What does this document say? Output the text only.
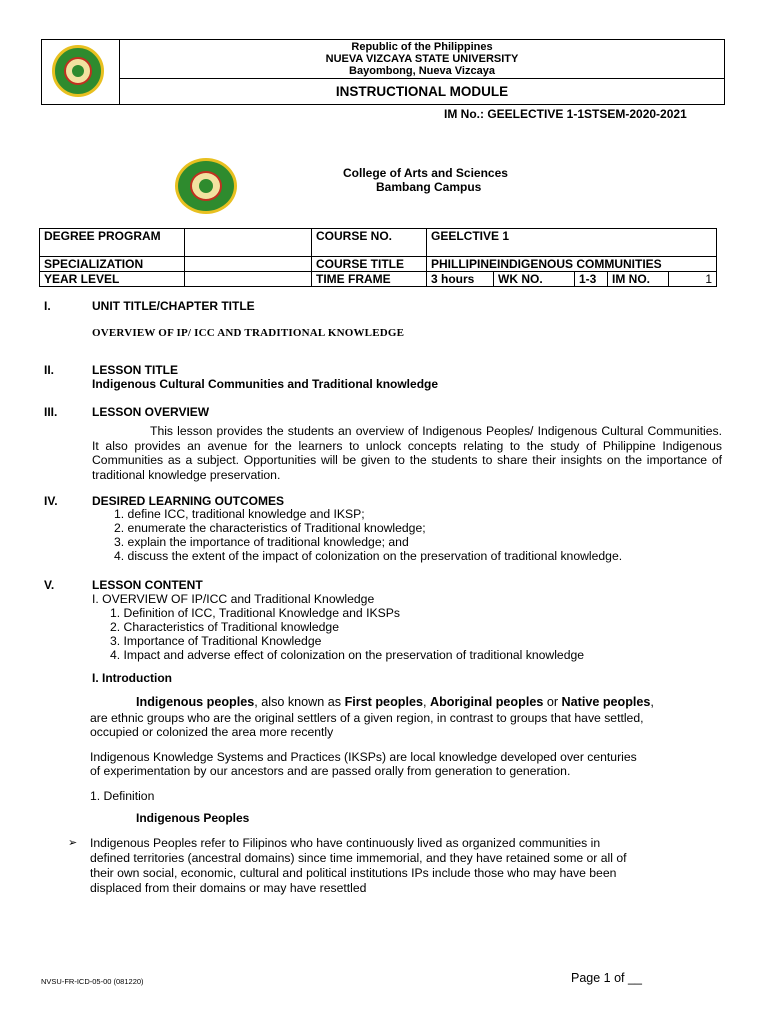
Republic of the Philippines
NUEVA VIZCAYA STATE UNIVERSITY
Bayombong, Nueva Vizcaya
INSTRUCTIONAL MODULE
IM No.: GEELECTIVE 1-1STSEM-2020-2021
College of Arts and Sciences
Bambang Campus
DEGREE PROGRAM		COURSE NO.	GEELCTIVE 1				
SPECIALIZATION		COURSE TITLE	PHILLIPINEINDIGENOUS COMMUNITIES				
YEAR LEVEL		TIME FRAME	3 hours	WK NO.	1-3	IM NO.	1
I.	UNIT TITLE/CHAPTER TITLE
OVERVIEW OF IP/ ICC AND TRADITIONAL KNOWLEDGE
II.	LESSON TITLE
Indigenous Cultural Communities and Traditional knowledge
III.	LESSON OVERVIEW
This lesson provides the students an overview of Indigenous Peoples/ Indigenous Cultural Communities. It also provides an avenue for the learners to unlock concepts relating to the study of Philippine Indigenous Communities as a subject. Opportunities will be given to the students to share their insights on the importance of traditional knowledge preservation.
IV.	DESIRED LEARNING OUTCOMES
1. define ICC, traditional knowledge and IKSP;
2. enumerate the characteristics of Traditional knowledge;
3. explain the importance of traditional knowledge; and
4. discuss the extent of the impact of colonization on the preservation of traditional knowledge.
V.	LESSON CONTENT
I. OVERVIEW OF IP/ICC and Traditional Knowledge
1. Definition of ICC, Traditional Knowledge and IKSPs
2. Characteristics of Traditional knowledge
3. Importance of Traditional Knowledge
4. Impact and adverse effect of colonization on the preservation of traditional knowledge
I. Introduction
Indigenous peoples, also known as First peoples, Aboriginal peoples or Native peoples,
are ethnic groups who are the original settlers of a given region, in contrast to groups that have settled,
occupied or colonized the area more recently
Indigenous Knowledge Systems and Practices (IKSPs) are local knowledge developed over centuries
of experimentation by our ancestors and are passed orally from generation to generation.
1. Definition
Indigenous Peoples
➢ Indigenous Peoples refer to Filipinos who have continuously lived as organized communities in
defined territories (ancestral domains) since time immemorial, and they have retained some or all of
their own social, economic, cultural and political institutions IPs include those who may have been
displaced from their domains or may have resettled
NVSU-FR-ICD-05-00 (081220)	Page 1 of __
